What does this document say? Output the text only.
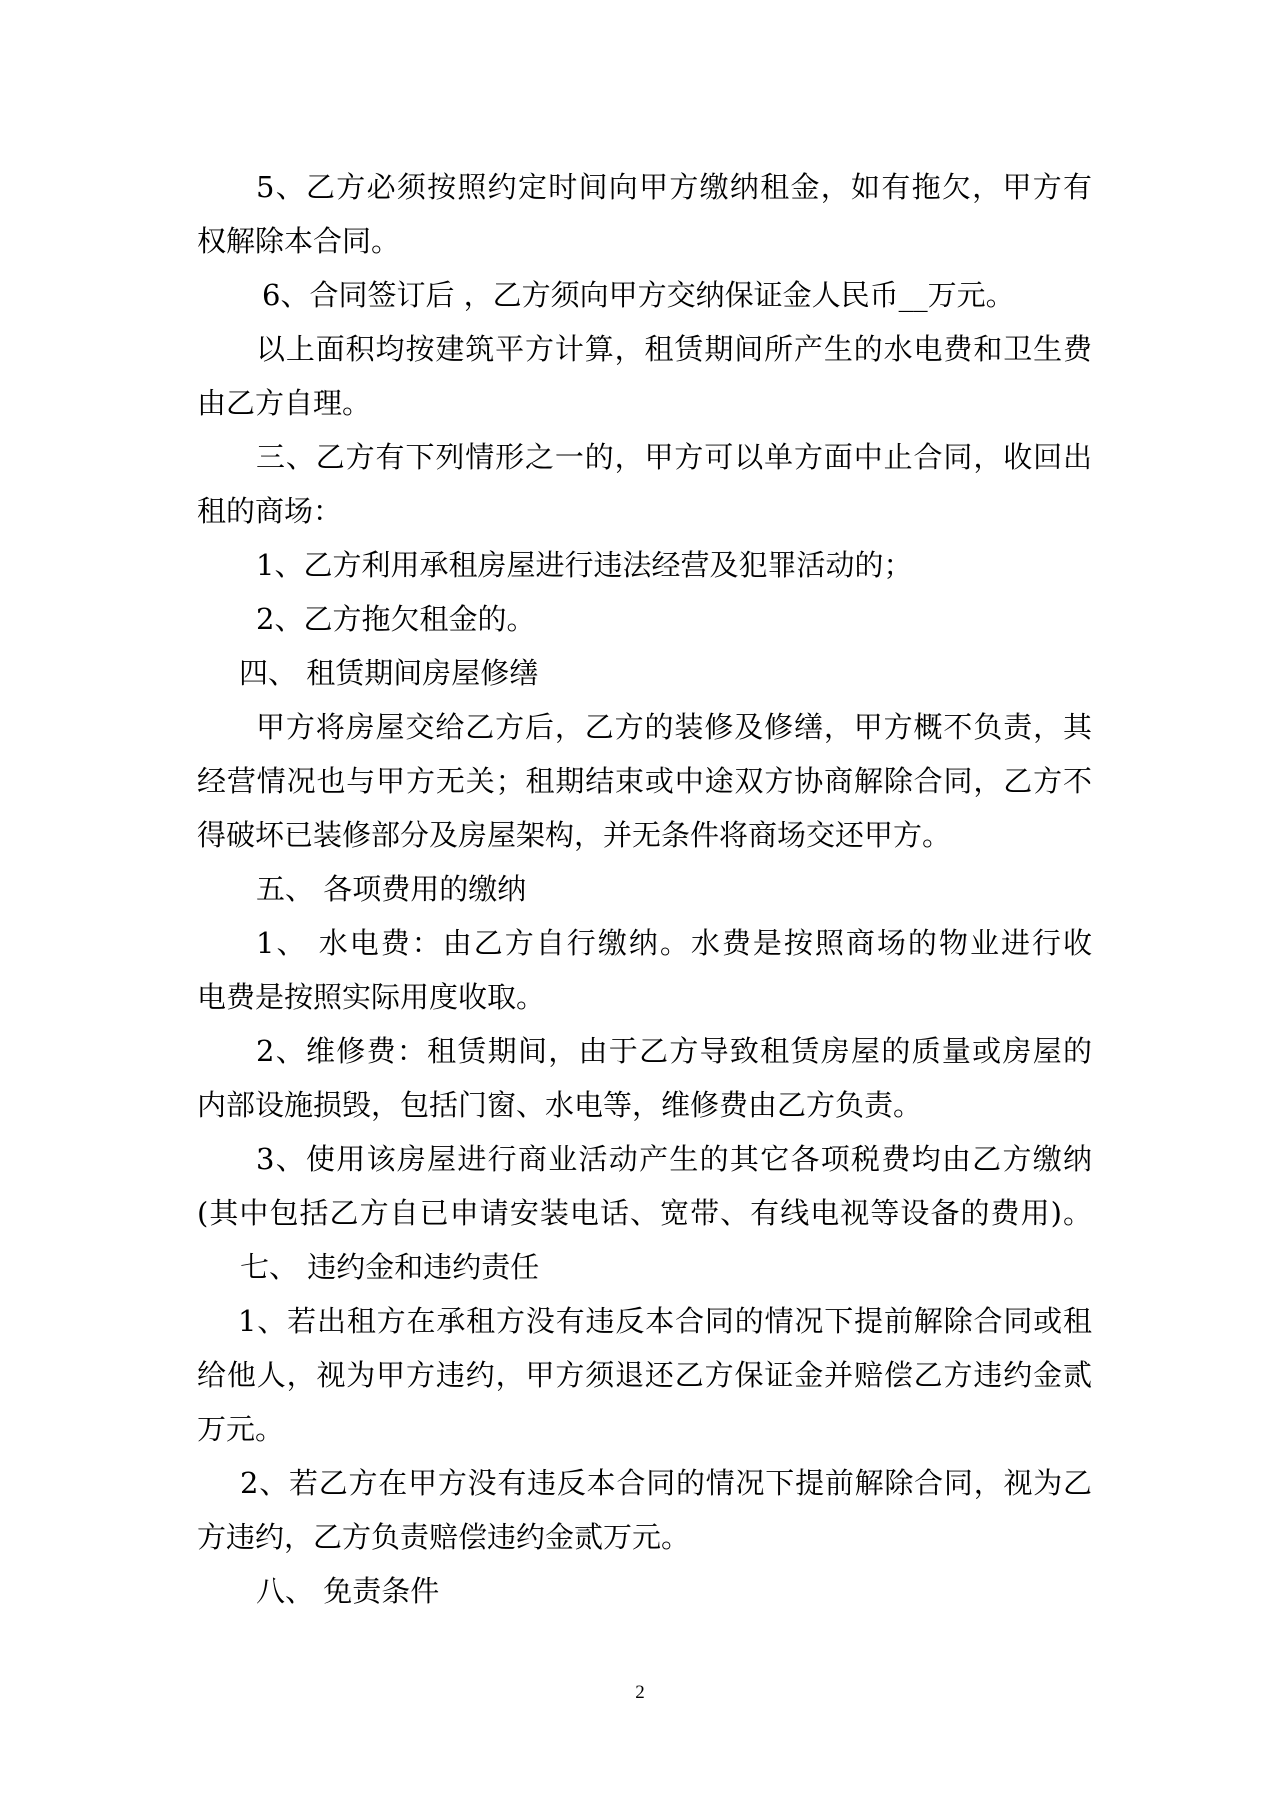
5、乙方必须按照约定时间向甲方缴纳租金，如有拖欠，甲方有
权解除本合同。
6、合同签订后 ，乙方须向甲方交纳保证金人民币__万元。
以上面积均按建筑平方计算，租赁期间所产生的水电费和卫生费
由乙方自理。
三、乙方有下列情形之一的，甲方可以单方面中止合同，收回出
租的商场：
1、乙方利用承租房屋进行违法经营及犯罪活动的；
2、乙方拖欠租金的。
四、 租赁期间房屋修缮
甲方将房屋交给乙方后，乙方的装修及修缮，甲方概不负责，其
经营情况也与甲方无关；租期结束或中途双方协商解除合同，乙方不
得破坏已装修部分及房屋架构，并无条件将商场交还甲方。
五、 各项费用的缴纳
1、 水电费：由乙方自行缴纳。水费是按照商场的物业进行收
电费是按照实际用度收取。
2、维修费：租赁期间，由于乙方导致租赁房屋的质量或房屋的
内部设施损毁，包括门窗、水电等，维修费由乙方负责。
3、使用该房屋进行商业活动产生的其它各项税费均由乙方缴纳
(其中包括乙方自已申请安装电话、宽带、有线电视等设备的费用)。
七、 违约金和违约责任
1、若出租方在承租方没有违反本合同的情况下提前解除合同或租
给他人，视为甲方违约，甲方须退还乙方保证金并赔偿乙方违约金贰
万元。
2、若乙方在甲方没有违反本合同的情况下提前解除合同，视为乙
方违约，乙方负责赔偿违约金贰万元。
八、 免责条件
2
